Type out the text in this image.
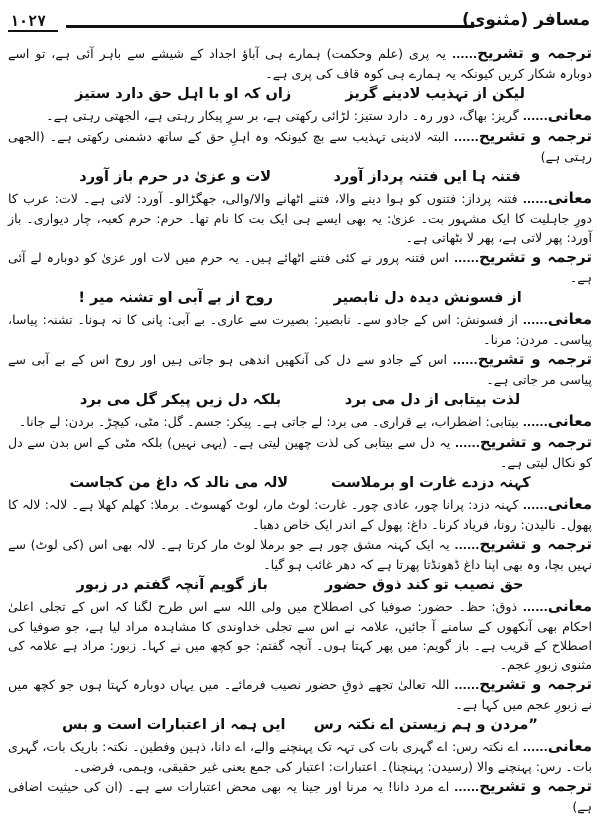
۱۰۲۷	مسافر (مثنوی)
ترجمہ و تشریح...... یہ پری (علم وحکمت) ہمارے ہی آباؤ اجداد کے شیشے سے باہر آئی ہے، تو اسے دوبارہ شکار کریں کیونکہ یہ ہمارے ہی کوہ قاف کی پری ہے۔
لیکن از تہذیب لادینے گریز
زاں کہ او با اہل حق دارد ستیز
معانی...... گریز: بھاگ، دور رہ۔ دارد ستیز: لڑائی رکھتی ہے، بر سرِ پیکار رہتی ہے، الجھتی رہتی ہے۔
ترجمہ و تشریح...... البتہ لادینی تہذیب سے بچ کیونکہ وہ اہلِ حق کے ساتھ دشمنی رکھتی ہے۔ (الجھی رہتی ہے)
فتنہ ہا ایں فتنہ پرداز آورد
لات و عزیٰ در حرم باز آورد
معانی...... فتنہ پرداز: فتنوں کو ہوا دینے والا، فتنے اٹھانے والا/والی، جھگڑالو۔ آورد: لاتی ہے۔ لات: عرب کا دورِ جاہلیت کا ایک مشہور بت۔ عزیٰ: یہ بھی ایسے ہی ایک بت کا نام تھا۔ حرم: حرم کعبہ، چار دیواری۔ باز آورد: پھر لاتی ہے، پھر لا بٹھاتی ہے۔
ترجمہ و تشریح...... اس فتنہ پرور نے کئی فتنے اٹھائے ہیں۔ یہ حرم میں لات اور عزیٰ کو دوبارہ لے آئی ہے۔
از فسونش دیدہ دل نابصیر
روح از بے آبی او تشنہ میر !
معانی...... از فسونش: اس کے جادو سے۔ نابصیر: بصیرت سے عاری۔ بے آبی: پانی کا نہ ہونا۔ تشنہ: پیاسا، پیاسی۔ مردن: مرنا۔
ترجمہ و تشریح...... اس کے جادو سے دل کی آنکھیں اندھی ہو جاتی ہیں اور روح اس کے بے آبی سے پیاسی مر جاتی ہے۔
لذت بیتابی از دل می برد
بلکہ دل زیں پیکر گل می برد
معانی...... بیتابی: اضطراب، بے قراری۔ می برد: لے جاتی ہے۔ پیکر: جسم۔ گل: مٹی، کیچڑ۔ بردن: لے جانا۔
ترجمہ و تشریح...... یہ دل سے بیتابی کی لذت چھین لیتی ہے۔ (یہی نہیں) بلکہ مٹی کے اس بدن سے دل کو نکال لیتی ہے۔
کہنہ دزدے غارت او برملاست
لالہ می نالد کہ داغ من کجاست
معانی...... کہنہ دزد: پرانا چور، عادی چور۔ غارت: لوٹ مار، لوٹ کھسوٹ۔ برملا: کھلم کھلا ہے۔ لالہ: لالہ کا پھول۔ نالیدن: رونا، فریاد کرنا۔ داغ: پھول کے اندر ایک خاص دھبا۔
ترجمہ و تشریح...... یہ ایک کہنہ مشق چور ہے جو برملا لوٹ مار کرتا ہے۔ لالہ بھی اس (کی لوٹ) سے نہیں بچا، وہ بھی اپنا داغ ڈھونڈتا پھرتا ہے کہ دھر غائب ہو گیا۔
حق نصیب تو کند ذوق حضور
باز گویم آنچہ گفتم در زبور
معانی...... ذوق: حظ۔ حضور: صوفیا کی اصطلاح میں ولی اللہ سے اس طرح لگنا کہ اس کے تجلی اعلیٰ احکام بھی آنکھوں کے سامنے آ جائیں، علامہ نے اس سے تجلی خداوندی کا مشاہدہ مراد لیا ہے، جو صوفیا کی اصطلاح کے قریب ہے۔ باز گویم: میں پھر کہتا ہوں۔ آنچہ گفتم: جو کچھ میں نے کہا۔ زبور: مراد ہے علامہ کی مثنوی زبورِ عجم۔
ترجمہ و تشریح...... اللہ تعالیٰ تجھے ذوقِ حضور نصیب فرمائے۔ میں یہاں دوبارہ کہتا ہوں جو کچھ میں نے زبورِ عجم میں کہا ہے۔
”مردن و ہم زیستن اے نکتہ رس
ایں ہمہ از اعتبارات است و بس
معانی...... اے نکتہ رس: اے گہری بات کی تہہ تک پہنچنے والے، اے دانا، ذہین وفطین۔ نکتہ: باریک بات، گہری بات۔ رس: پہنچنے والا (رسیدن: پہنچنا)۔ اعتبارات: اعتبار کی جمع یعنی غیر حقیقی، وہمی، فرضی۔
ترجمہ و تشریح...... اے مرد دانا! یہ مرنا اور جینا یہ بھی محض اعتبارات سے ہے۔ (ان کی حیثیت اضافی ہے)
